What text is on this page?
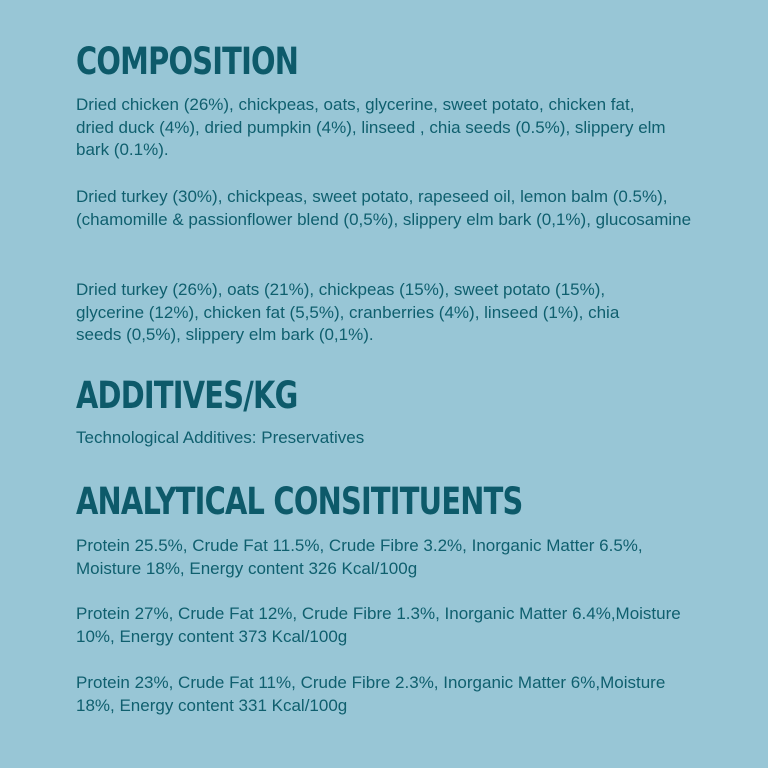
COMPOSITION

Dried chicken (26%), chickpeas, oats, glycerine, sweet potato, chicken fat, dried duck (4%), dried pumpkin (4%), linseed , chia seeds (0.5%), slippery elm bark (0.1%).

Dried turkey (30%), chickpeas, sweet potato, rapeseed oil, lemon balm (0.5%), (chamomille & passionflower blend (0,5%), slippery elm bark (0,1%), glucosamine

Dried turkey (26%), oats (21%), chickpeas (15%), sweet potato (15%), glycerine (12%), chicken fat (5,5%), cranberries (4%), linseed (1%), chia seeds (0,5%), slippery elm bark (0,1%).

ADDITIVES/KG

Technological Additives: Preservatives

ANALYTICAL CONSITITUENTS

Protein 25.5%, Crude Fat 11.5%, Crude Fibre 3.2%, Inorganic Matter 6.5%, Moisture 18%, Energy content 326 Kcal/100g

Protein 27%, Crude Fat 12%, Crude Fibre 1.3%, Inorganic Matter 6.4%,Moisture 10%, Energy content 373 Kcal/100g

Protein 23%, Crude Fat 11%, Crude Fibre 2.3%, Inorganic Matter 6%,Moisture 18%, Energy content 331 Kcal/100g
